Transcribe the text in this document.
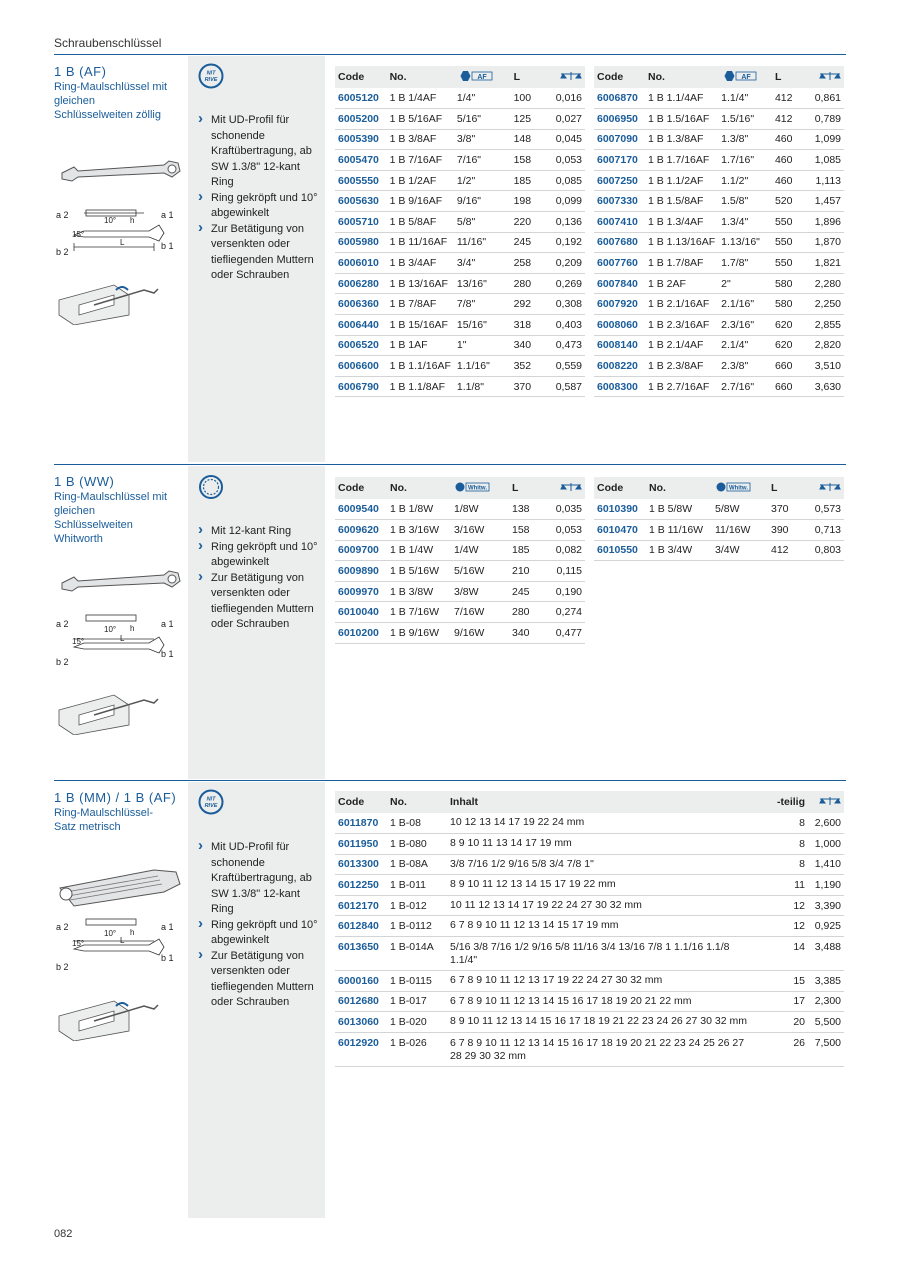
Schraubenschlüssel
1 B (AF)
Ring-Maulschlüssel mit gleichen Schlüsselweiten zöllig
NIT
RIVE
› Mit UD-Profil für schonende Kraftübertragung, ab SW 1.3/8" 12-kant Ring
› Ring gekröpft und 10° abgewinkelt
› Zur Betätigung von versenkten oder tiefliegenden Muttern oder Schrauben
a 2	a 1
b 2
b 1
10°
15°
h
L
Code	No.	AF	L	
6005120	1 B 1/4AF	1/4"	100	0,016
6005200	1 B 5/16AF	5/16"	125	0,027
6005390	1 B 3/8AF	3/8"	148	0,045
6005470	1 B 7/16AF	7/16"	158	0,053
6005550	1 B 1/2AF	1/2"	185	0,085
6005630	1 B 9/16AF	9/16"	198	0,099
6005710	1 B 5/8AF	5/8"	220	0,136
6005980	1 B 11/16AF	11/16"	245	0,192
6006010	1 B 3/4AF	3/4"	258	0,209
6006280	1 B 13/16AF	13/16"	280	0,269
6006360	1 B 7/8AF	7/8"	292	0,308
6006440	1 B 15/16AF	15/16"	318	0,403
6006520	1 B 1AF	1"	340	0,473
6006600	1 B 1.1/16AF	1.1/16"	352	0,559
6006790	1 B 1.1/8AF	1.1/8"	370	0,587
Code	No.	AF	L	
6006870	1 B 1.1/4AF	1.1/4"	412	0,861
6006950	1 B 1.5/16AF	1.5/16"	412	0,789
6007090	1 B 1.3/8AF	1.3/8"	460	1,099
6007170	1 B 1.7/16AF	1.7/16"	460	1,085
6007250	1 B 1.1/2AF	1.1/2"	460	1,113
6007330	1 B 1.5/8AF	1.5/8"	520	1,457
6007410	1 B 1.3/4AF	1.3/4"	550	1,896
6007680	1 B 1.13/16AF	1.13/16"	550	1,870
6007760	1 B 1.7/8AF	1.7/8"	550	1,821
6007840	1 B 2AF	2"	580	2,280
6007920	1 B 2.1/16AF	2.1/16"	580	2,250
6008060	1 B 2.3/16AF	2.3/16"	620	2,855
6008140	1 B 2.1/4AF	2.1/4"	620	2,820
6008220	1 B 2.3/8AF	2.3/8"	660	3,510
6008300	1 B 2.7/16AF	2.7/16"	660	3,630
1 B (WW)
Ring-Maulschlüssel mit gleichen Schlüsselweiten Whitworth
› Mit 12-kant Ring
› Ring gekröpft und 10° abgewinkelt
› Zur Betätigung von versenkten oder tiefliegenden Muttern oder Schrauben
a 2	a 1
b 2
b 1
10°
15°
h
L
Code	No.	Whitw.	L	
6009540	1 B 1/8W	1/8W	138	0,035
6009620	1 B 3/16W	3/16W	158	0,053
6009700	1 B 1/4W	1/4W	185	0,082
6009890	1 B 5/16W	5/16W	210	0,115
6009970	1 B 3/8W	3/8W	245	0,190
6010040	1 B 7/16W	7/16W	280	0,274
6010200	1 B 9/16W	9/16W	340	0,477
Code	No.	Whitw.	L	
6010390	1 B 5/8W	5/8W	370	0,573
6010470	1 B 11/16W	11/16W	390	0,713
6010550	1 B 3/4W	3/4W	412	0,803
1 B (MM) / 1 B (AF)
Ring-Maulschlüssel-Satz metrisch
NIT
RIVE
› Mit UD-Profil für schonende Kraftübertragung, ab SW 1.3/8" 12-kant Ring
› Ring gekröpft und 10° abgewinkelt
› Zur Betätigung von versenkten oder tiefliegenden Muttern oder Schrauben
a 2	a 1
b 2
b 1
10°
15°
h
L
Code	No.	Inhalt	-teilig	
6011870	1 B-08	10 12 13 14 17 19 22 24 mm	8	2,600
6011950	1 B-080	8 9 10 11 13 14 17 19 mm	8	1,000
6013300	1 B-08A	3/8 7/16 1/2 9/16 5/8 3/4 7/8 1"	8	1,410
6012250	1 B-011	8 9 10 11 12 13 14 15 17 19 22 mm	11	1,190
6012170	1 B-012	10 11 12 13 14 17 19 22 24 27 30 32 mm	12	3,390
6012840	1 B-0112	6 7 8 9 10 11 12 13 14 15 17 19 mm	12	0,925
6013650	1 B-014A	5/16 3/8 7/16 1/2 9/16 5/8 11/16 3/4 13/16 7/8 1 1.1/16 1.1/8 1.1/4"	14	3,488
6000160	1 B-0115	6 7 8 9 10 11 12 13 17 19 22 24 27 30 32 mm	15	3,385
6012680	1 B-017	6 7 8 9 10 11 12 13 14 15 16 17 18 19 20 21 22 mm	17	2,300
6013060	1 B-020	8 9 10 11 12 13 14 15 16 17 18 19 21 22 23 24 26 27 30 32 mm	20	5,500
6012920	1 B-026	6 7 8 9 10 11 12 13 14 15 16 17 18 19 20 21 22 23 24 25 26 27 28 29 30 32 mm	26	7,500
082
